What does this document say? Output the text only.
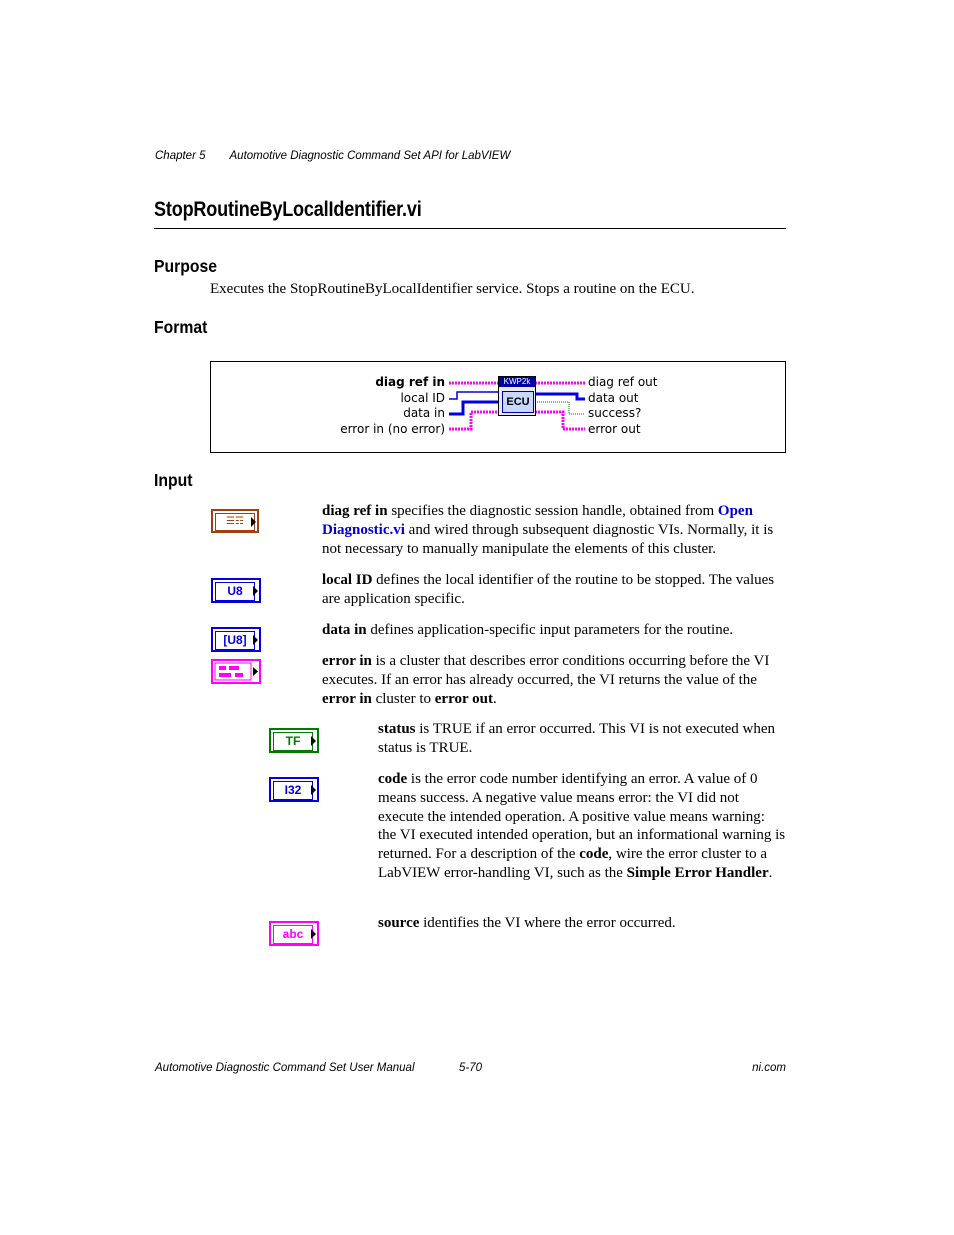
Chapter 5 Automotive Diagnostic Command Set API for LabVIEW
StopRoutineByLocalIdentifier.vi
Purpose
Executes the StopRoutineByLocalIdentifier service. Stops a routine on the ECU.
Format
KWP2k
ECU
diag ref in
local ID
data in
error in (no error)
diag ref out
data out
success?
error out
Input
☰☶
U8
[U8]
TF
I32
abc
diag ref in specifies the diagnostic session handle, obtained from Open Diagnostic.vi and wired through subsequent diagnostic VIs. Normally, it is not necessary to manually manipulate the elements of this cluster.
local ID defines the local identifier of the routine to be stopped. The values are application specific.
data in defines application-specific input parameters for the routine.
error in is a cluster that describes error conditions occurring before the VI executes. If an error has already occurred, the VI returns the value of the error in cluster to error out.
status is TRUE if an error occurred. This VI is not executed when status is TRUE.
code is the error code number identifying an error. A value of 0 means success. A negative value means error: the VI did not execute the intended operation. A positive value means warning: the VI executed intended operation, but an informational warning is returned. For a description of the code, wire the error cluster to a LabVIEW error-handling VI, such as the Simple Error Handler.
source identifies the VI where the error occurred.
Automotive Diagnostic Command Set User Manual	5-70	ni.com
